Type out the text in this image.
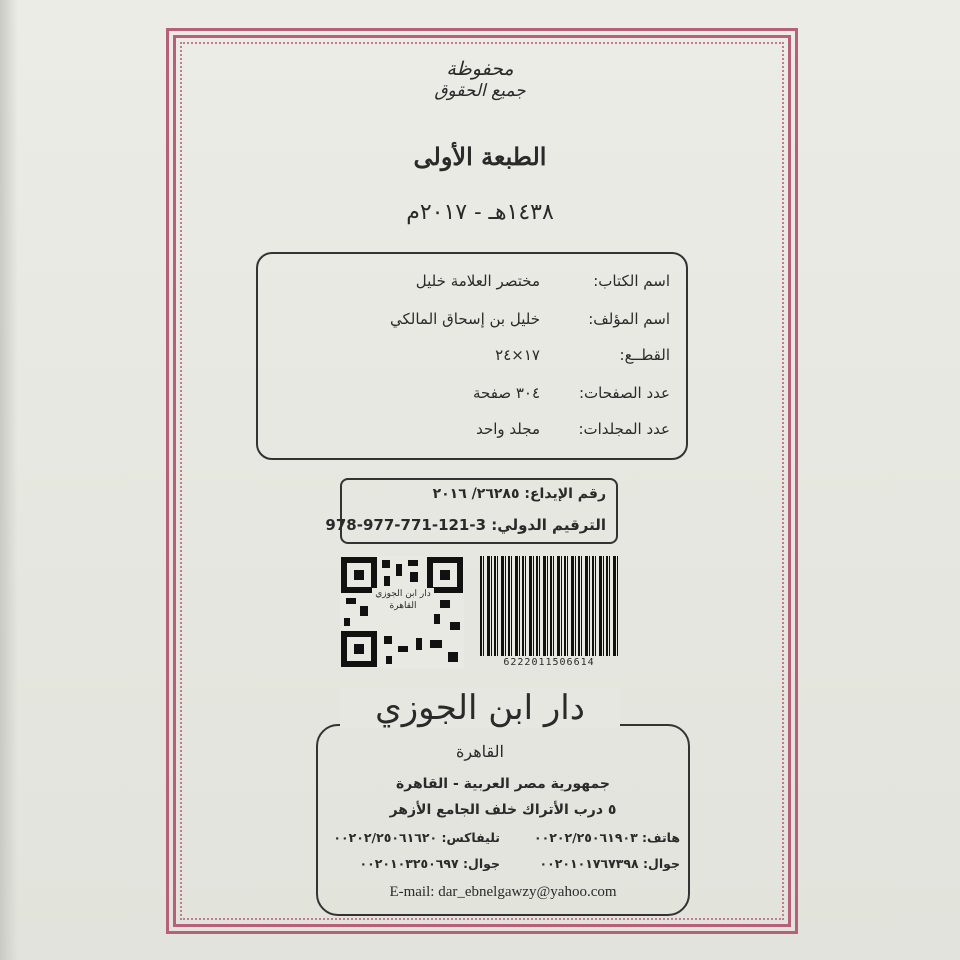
محفوظة
جميع الحقوق
الطبعة الأولى
١٤٣٨هـ - ٢٠١٧م
اسم الكتاب:
مختصر العلامة خليل
اسم المؤلف:
خليل بن إسحاق المالكي
القطــع:
١٧×٢٤
عدد الصفحات:
٣٠٤ صفحة
عدد المجلدات:
مجلد واحد
رقم الإيداع: ٢٦٢٨٥/ ٢٠١٦
الترقيم الدولي: 3-121-771-977-978
دار ابن الجوزي القاهرة
6222011506614
دار ابن الجوزي
القاهرة
جمهورية مصر العربية - القاهرة
٥ درب الأتراك خلف الجامع الأزهر
هاتف: ٠٠٢٠٢/٢٥٠٦١٩٠٣
تليفاكس: ٠٠٢٠٢/٢٥٠٦١٦٢٠
جوال: ٠٠٢٠١٠١٧٦٧٣٩٨
جوال: ٠٠٢٠١٠٣٢٥٠٦٩٧
E-mail: dar_ebnelgawzy@yahoo.com
